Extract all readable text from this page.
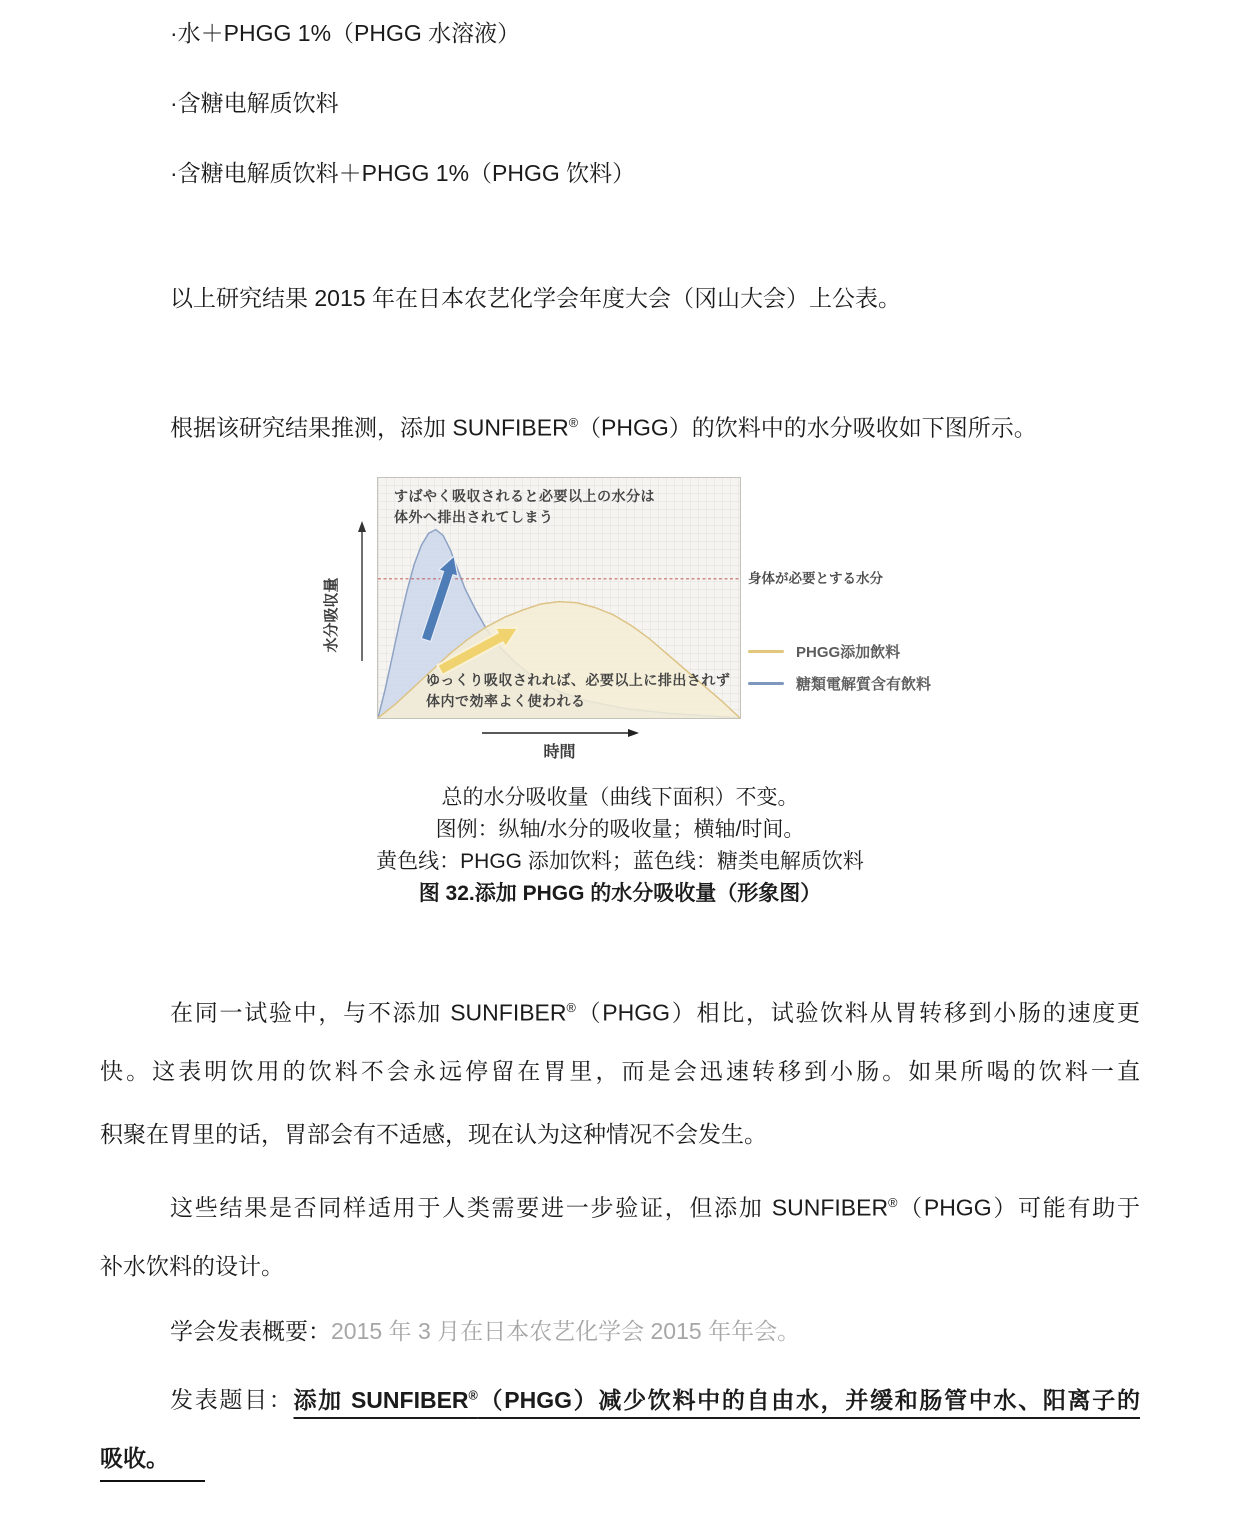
·水＋PHGG 1%（PHGG 水溶液）
·含糖电解质饮料
·含糖电解质饮料＋PHGG 1%（PHGG 饮料）
以上研究结果 2015 年在日本农艺化学会年度大会（冈山大会）上公表。
根据该研究结果推测，添加 SUNFIBER®（PHGG）的饮料中的水分吸收如下图所示。
水分吸収量
すばやく吸収されると必要以上の水分は
体外へ排出されてしまう
ゆっくり吸収されれば、必要以上に排出されず
体内で効率よく使われる
身体が必要とする水分
PHGG添加飲料
糖類電解質含有飲料
時間
总的水分吸收量（曲线下面积）不变。
图例：纵轴/水分的吸收量；横轴/时间。
黄色线：PHGG 添加饮料；蓝色线：糖类电解质饮料
图 32.添加 PHGG 的水分吸收量（形象图）
在同一试验中，与不添加 SUNFIBER®（PHGG）相比，试验饮料从胃转移到小肠的速度更
快。这表明饮用的饮料不会永远停留在胃里，而是会迅速转移到小肠。如果所喝的饮料一直
积聚在胃里的话，胃部会有不适感，现在认为这种情况不会发生。
这些结果是否同样适用于人类需要进一步验证，但添加 SUNFIBER®（PHGG）可能有助于
补水饮料的设计。
学会发表概要：2015 年 3 月在日本农艺化学会 2015 年年会。
发表题目：添加 SUNFIBER®（PHGG）减少饮料中的自由水，并缓和肠管中水、阳离子的
吸收。
